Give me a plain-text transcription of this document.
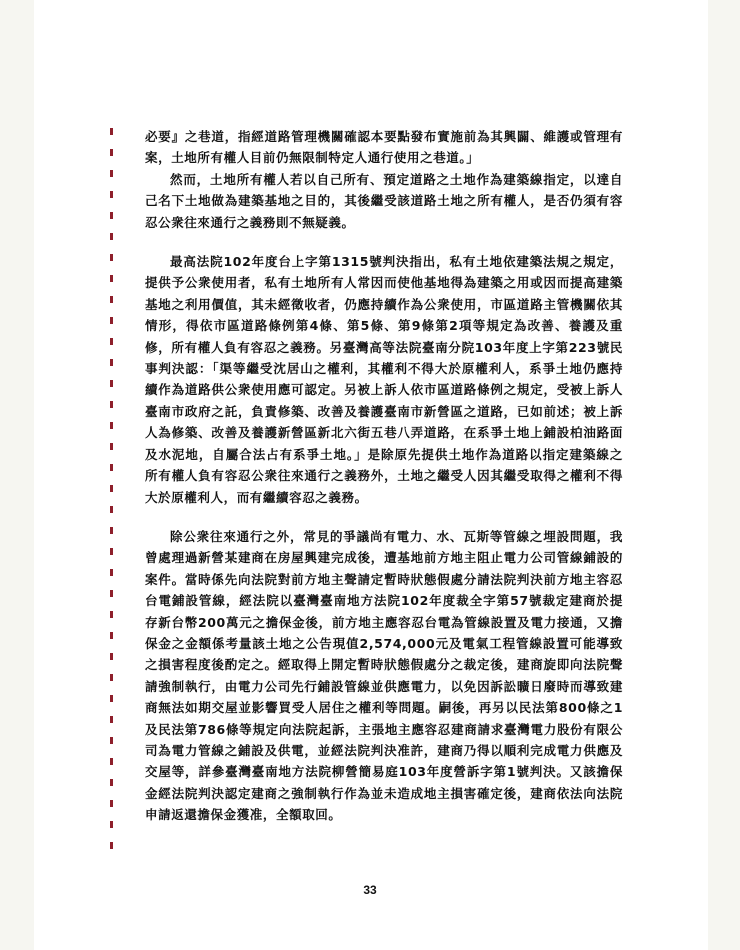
必要』之巷道，指經道路管理機關確認本要點發布實施前為其興闢、維護或管理有案，土地所有權人目前仍無限制特定人通行使用之巷道。」

然而，土地所有權人若以自己所有、預定道路之土地作為建築線指定，以達自己名下土地做為建築基地之目的，其後繼受該道路土地之所有權人，是否仍須有容忍公衆往來通行之義務則不無疑義。

最高法院102年度台上字第1315號判決指出，私有土地依建築法規之規定，提供予公衆使用者，私有土地所有人常因而使他基地得為建築之用或因而提高建築基地之利用價值，其未經徵收者，仍應持續作為公衆使用，市區道路主管機關依其情形，得依市區道路條例第4條、第5條、第9條第2項等規定為改善、養護及重修，所有權人負有容忍之義務。另臺灣高等法院臺南分院103年度上字第223號民事判決認：「渠等繼受沈居山之權利，其權利不得大於原權利人，系爭土地仍應持續作為道路供公衆使用應可認定。另被上訴人依市區道路條例之規定，受被上訴人臺南市政府之託，負責修築、改善及養護臺南市新營區之道路，已如前述；被上訴人為修築、改善及養護新營區新北六街五巷八弄道路，在系爭土地上鋪設柏油路面及水泥地，自屬合法占有系爭土地。」是除原先提供土地作為道路以指定建築線之所有權人負有容忍公衆往來通行之義務外，土地之繼受人因其繼受取得之權利不得大於原權利人，而有繼續容忍之義務。

除公衆往來通行之外，常見的爭議尚有電力、水、瓦斯等管線之埋設問題，我曾處理過新營某建商在房屋興建完成後，遭基地前方地主阻止電力公司管線鋪設的案件。當時係先向法院對前方地主聲請定暫時狀態假處分請法院判決前方地主容忍台電鋪設管線，經法院以臺灣臺南地方法院102年度裁全字第57號裁定建商於提存新台幣200萬元之擔保金後，前方地主應容忍台電為管線設置及電力接通，又擔保金之金額係考量該土地之公告現值2,574,000元及電氣工程管線設置可能導致之損害程度後酌定之。經取得上開定暫時狀態假處分之裁定後，建商旋即向法院聲請強制執行，由電力公司先行鋪設管線並供應電力，以免因訴訟曠日廢時而導致建商無法如期交屋並影響買受人居住之權利等問題。嗣後，再另以民法第800條之1及民法第786條等規定向法院起訴，主張地主應容忍建商請求臺灣電力股份有限公司為電力管線之鋪設及供電，並經法院判決准許，建商乃得以順利完成電力供應及交屋等，詳參臺灣臺南地方法院柳營簡易庭103年度營訴字第1號判決。又該擔保金經法院判決認定建商之強制執行作為並未造成地主損害確定後，建商依法向法院申請返還擔保金獲准，全額取回。

33
